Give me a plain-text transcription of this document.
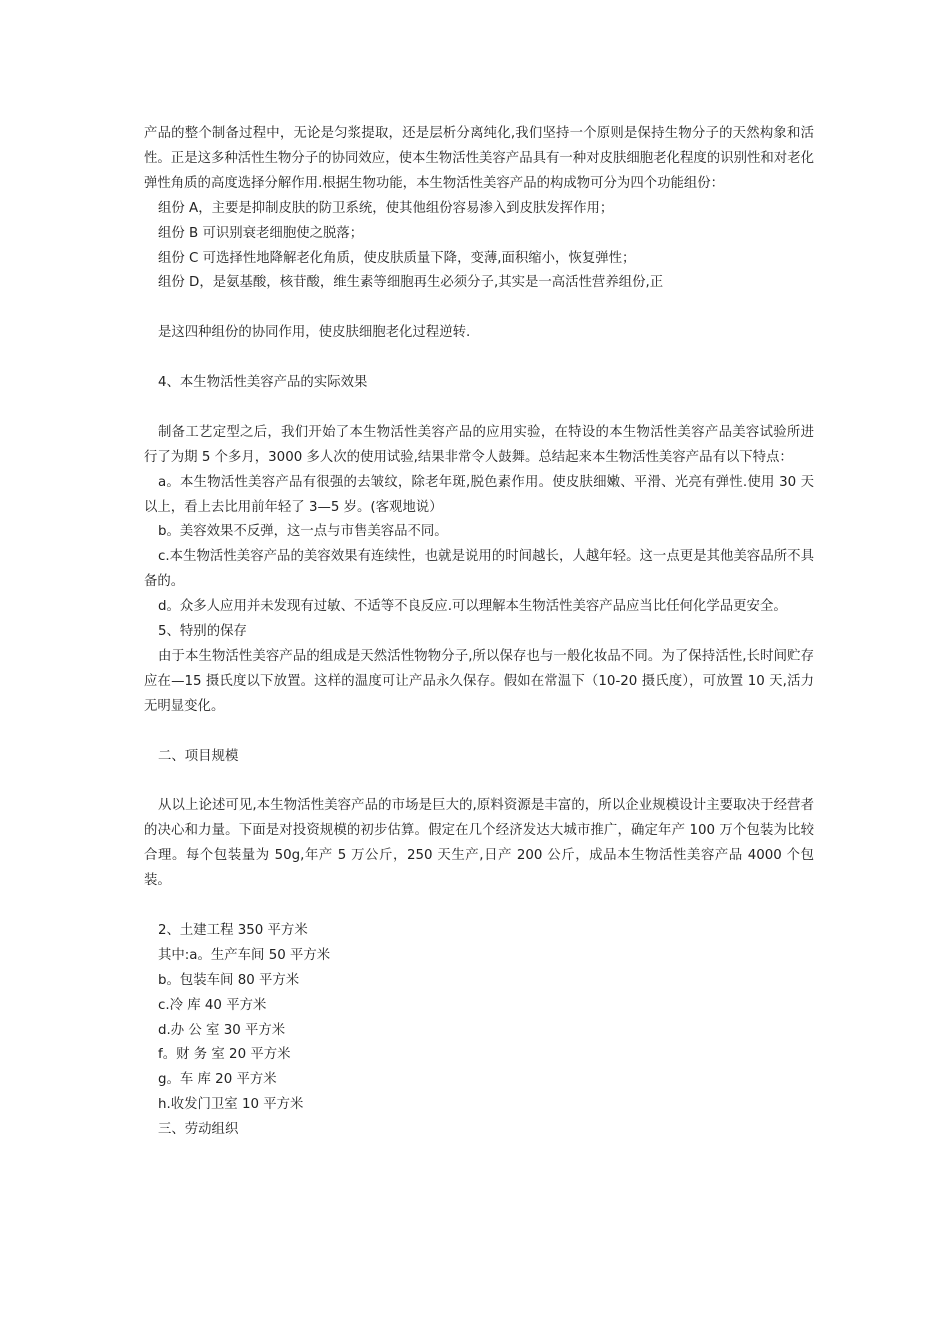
产品的整个制备过程中，无论是匀浆提取，还是层析分离纯化,我们坚持一个原则是保持生物分子的天然构象和活性。正是这多种活性生物分子的协同效应，使本生物活性美容产品具有一种对皮肤细胞老化程度的识别性和对老化弹性角质的高度选择分解作用.根据生物功能，本生物活性美容产品的构成物可分为四个功能组份：

组份 A，主要是抑制皮肤的防卫系统，使其他组份容易渗入到皮肤发挥作用；

组份 B 可识别衰老细胞使之脱落；

组份 C 可选择性地降解老化角质，使皮肤质量下降，变薄,面积缩小，恢复弹性；

组份 D，是氨基酸，核苷酸，维生素等细胞再生必须分子,其实是一高活性营养组份,正

是这四种组份的协同作用，使皮肤细胞老化过程逆转.

4、本生物活性美容产品的实际效果

制备工艺定型之后，我们开始了本生物活性美容产品的应用实验，在特设的本生物活性美容产品美容试验所进行了为期 5 个多月，3000 多人次的使用试验,结果非常令人鼓舞。总结起来本生物活性美容产品有以下特点：

a。本生物活性美容产品有很强的去皱纹，除老年斑,脱色素作用。使皮肤细嫩、平滑、光亮有弹性.使用 30 天以上，看上去比用前年轻了 3—5 岁。(客观地说）

b。美容效果不反弹，这一点与市售美容品不同。

c.本生物活性美容产品的美容效果有连续性，也就是说用的时间越长，人越年轻。这一点更是其他美容品所不具备的。

d。众多人应用并未发现有过敏、不适等不良反应.可以理解本生物活性美容产品应当比任何化学品更安全。

5、特别的保存

由于本生物活性美容产品的组成是天然活性物物分子,所以保存也与一般化妆品不同。为了保持活性,长时间贮存应在—15 摄氏度以下放置。这样的温度可让产品永久保存。假如在常温下（10-20 摄氏度），可放置 10 天,活力无明显变化。

二、项目规模

从以上论述可见,本生物活性美容产品的市场是巨大的,原料资源是丰富的，所以企业规模设计主要取决于经营者的决心和力量。下面是对投资规模的初步估算。假定在几个经济发达大城市推广，确定年产 100 万个包装为比较合理。每个包装量为 50g,年产 5 万公斤，250 天生产,日产 200 公斤，成品本生物活性美容产品 4000 个包装。

2、土建工程 350 平方米

其中:a。生产车间 50 平方米

b。包装车间 80 平方米

c.冷 库 40 平方米

d.办 公 室 30 平方米

f。财 务 室 20 平方米

g。车 库 20 平方米

h.收发门卫室 10 平方米

三、劳动组织
